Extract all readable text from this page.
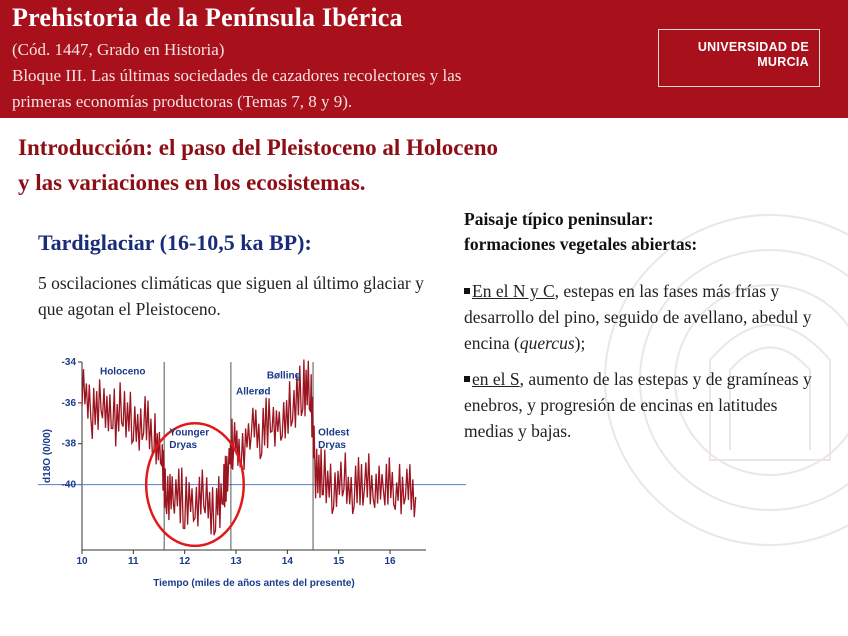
Prehistoria de la Península Ibérica
(Cód. 1447, Grado en Historia)
Bloque III. Las últimas sociedades de cazadores recolectores y las
primeras economías productoras (Temas 7, 8 y 9).
UNIVERSIDAD DE
MURCIA
Introducción: el paso del Pleistoceno al Holoceno
y las variaciones en los ecosistemas.
Tardiglaciar (16-10,5 ka BP):
5 oscilaciones climáticas que siguen al último glaciar y que agotan el Pleistoceno.
Paisaje típico peninsular:
formaciones vegetales abiertas:
En el N y C, estepas en las fases más frías y desarrollo del pino, seguido de avellano, abedul y encina (quercus);
en el S, aumento de las estepas y de gramíneas y enebros, y progresión de encinas en latitudes medias y bajas.
10	11	12	13	14	15	16
-34
-36
-38
-40
Holoceno
Younger
Dryas
Allerød
Bølling
Oldest
Dryas
d18O (0/00)
Tiempo (miles de años antes del presente)
